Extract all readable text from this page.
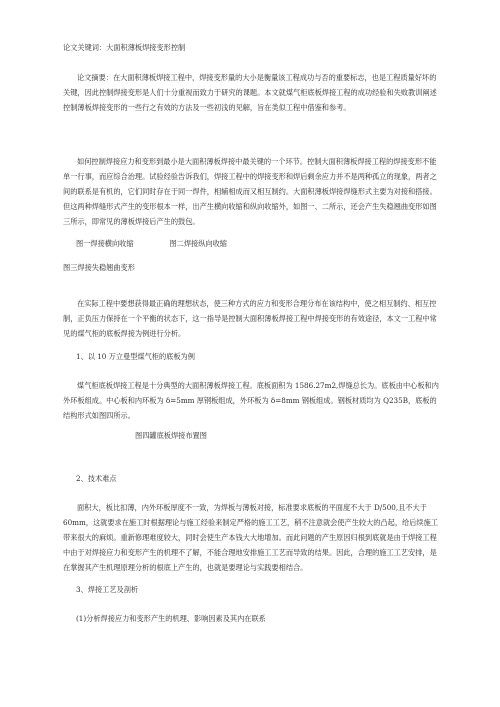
论文关键词：大面积薄板焊接变形控制

论文摘要：在大面积薄板焊接工程中，焊接变形量的大小是衡量该工程成功与否的重要标志，也是工程质量好坏的关键，因此控制焊接变形是人们十分重视而致力于研究的课题。本文就煤气柜底板焊接工程的成功经验和失败教训阐述控制薄板焊接变形的一些行之有效的方法及一些初浅的见解，旨在类似工程中借鉴和参考。

如何控制焊接应力和变形到最小是大面积薄板焊接中最关键的一个环节。控制大面积薄板焊接工程的焊接变形不能单一行事，而应综合治理。试验经验告诉我们，焊接工程中的焊接变形和焊后剩余应力并不是两种孤立的现象，两者之间的联系是有机的，它们同时存在于同一焊件，相辅相成而又相互制约。大面积薄板焊接焊缝形式主要为对接和搭接。但这两种焊缝形式产生的变形根本一样，出产生横向收缩和纵向收缩外，如图一、二所示，还会产生失稳翘曲变形如图三所示，即常见的薄板焊接后产生的鼓包。

图一焊接横向收缩　　　　　图二焊接纵向收缩

图三焊接失稳翘曲变形

在实际工程中要想获得最正确的理想状态，使三种方式的应力和变形合理分布在该结构中，使之相互制约、相互控制，正负压力保持在一个平衡的状态下，这一指导是控制大面积薄板焊接工程中焊接变形的有效途径，本文一工程中常见的煤气柜的底板焊接为例进行分析。

1、以 10 万立曼型煤气柜的底板为例

煤气柜底板焊接工程是十分典型的大面积薄板焊接工程。底板面积为 1586.27m2,焊缝总长为。底板由中心板和内外环板组成。中心板和内环板为 δ=5mm 厚钢板组成，外环板为 δ=8mm 钢板组成。钢板材质均为 Q235B，底板的结构形式如图四所示。

图四罐底板焊接布置图

2、技术难点

面积大，板比扣薄，内外环板厚度不一致，为焊板与薄板对接，标准要求底板的平面度不大于 D/500,且不大于 60mm，这就要求在施工时根据理论与施工经验来制定严格的施工工艺，稍不注意就会使产生较大的凸起，给后续施工带来很大的麻烦。重新修理难度较大，同时会使生产本钱大大地增加。而此问题的产生原因归根到底就是由于焊接工程中由于对焊接应力和变形产生的机理不了解，不能合理地安排施工工艺而导致的结果。因此，合理的施工工艺安排，是在掌握其产生机理原理分析的根底上产生的，也就是要理论与实践要相结合。

3、焊接工艺及剖析

(1)分析焊接应力和变形产生的机理、影响因素及其内在联系
